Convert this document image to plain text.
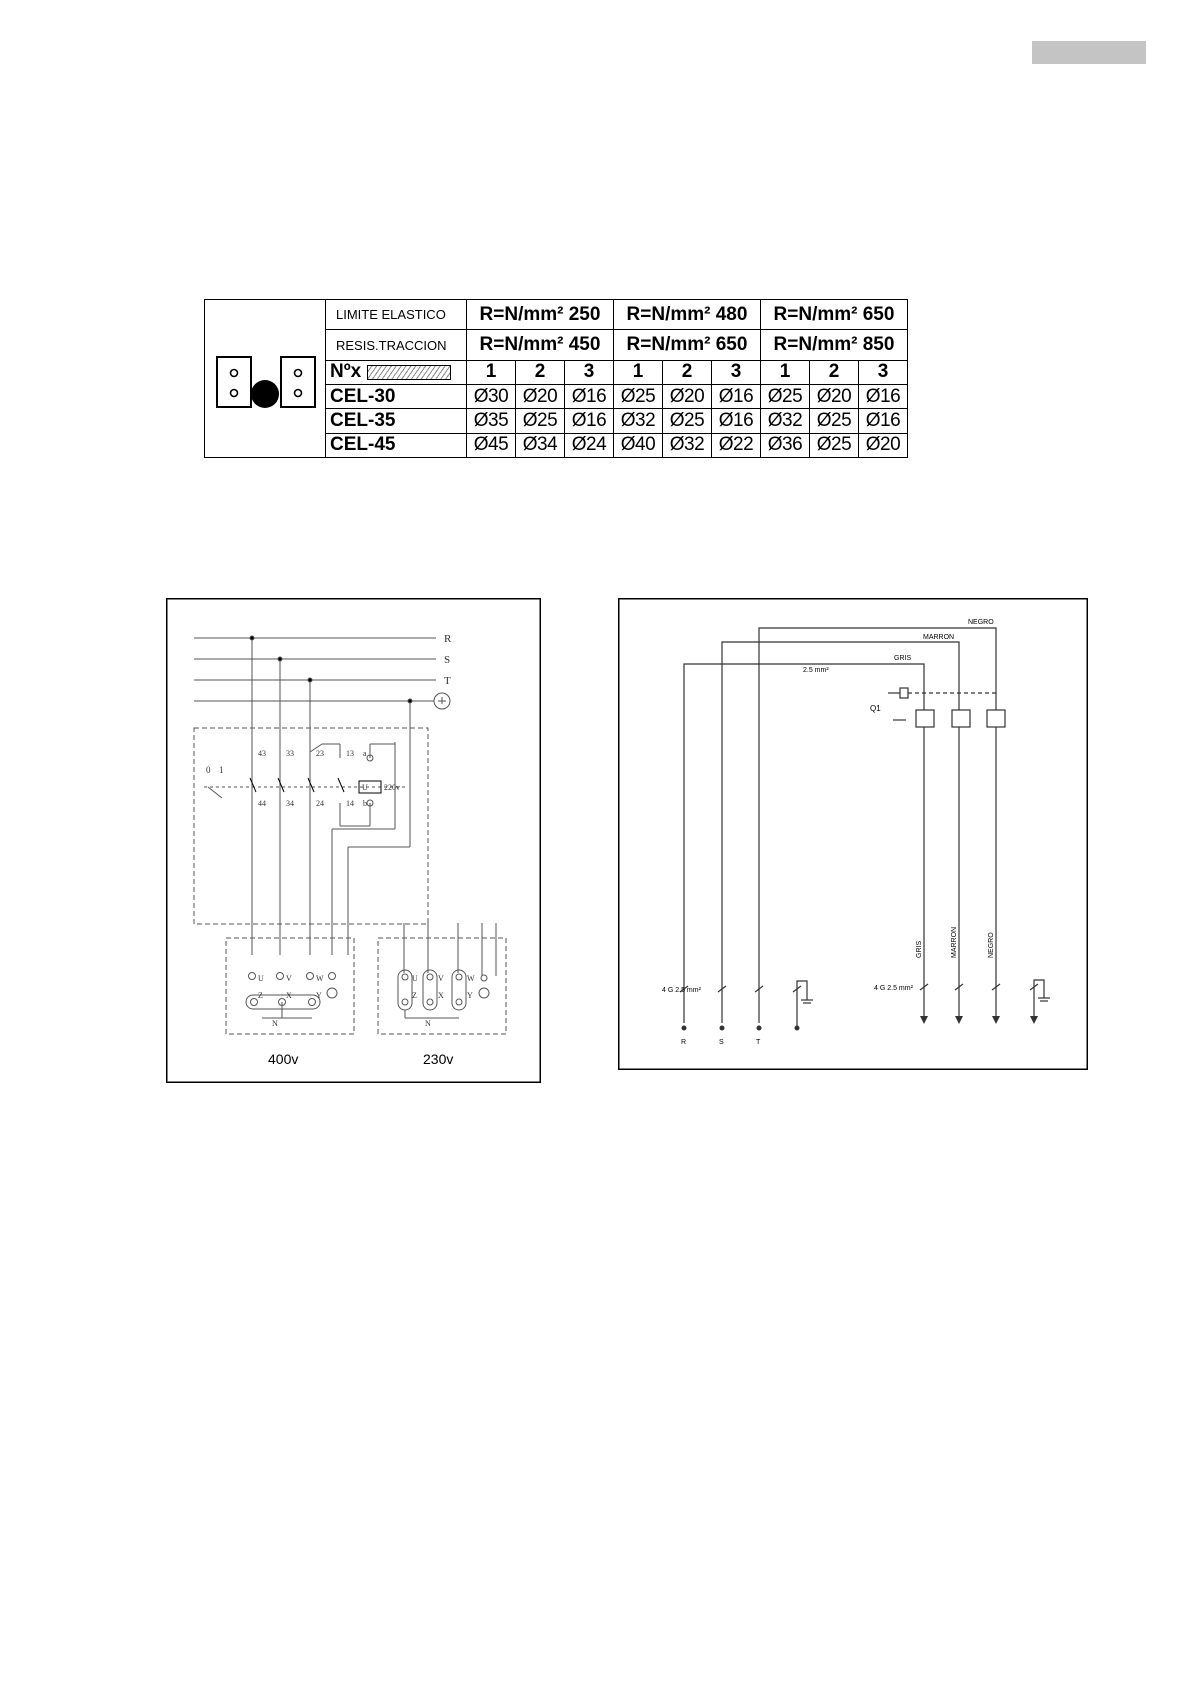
	LIMITE ELASTICO	R=N/mm² 250			R=N/mm² 480			R=N/mm² 650		
	RESIS.TRACCION	R=N/mm² 450			R=N/mm² 650			R=N/mm² 850		
	Nºx	1	2	3	1	2	3	1	2	3
	CEL-30	Ø30	Ø20	Ø16	Ø25	Ø20	Ø16	Ø25	Ø20	Ø16
	CEL-35	Ø35	Ø25	Ø16	Ø32	Ø25	Ø16	Ø32	Ø25	Ø16
	CEL-45	Ø45	Ø34	Ø24	Ø40	Ø32	Ø22	Ø36	Ø25	Ø20
R
S
T
0 1
43	33	23	13 a
44	34	24	14 b
U 220v
U	V	W
Z	X	Y
N
U	V	W
Z	X	Y
N
400v	230v
NEGRO
MARRON
GRIS
2.5 mm²
Q1
4 G 2.5 mm²	4 G 2.5 mm²
R	S	T
GRIS	MARRON	NEGRO
